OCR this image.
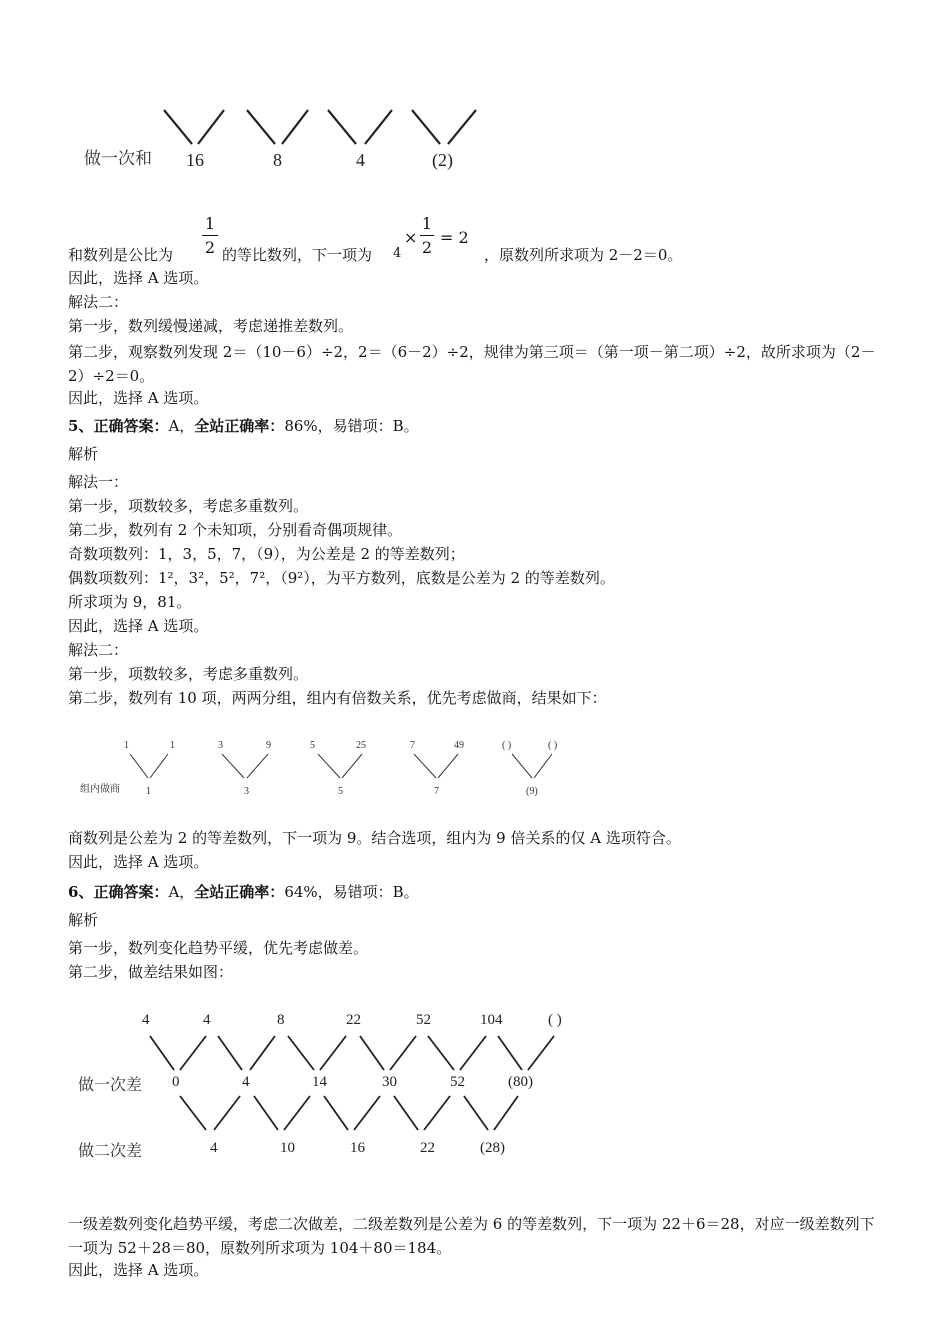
做一次和 16	8	4	(2)
和数列是公比为
1
2 的等比数列，下一项为 4
×
1
2
= 2
，原数列所求项为 2－2＝0。
因此，选择 A 选项。
解法二：
第一步，数列缓慢递减，考虑递推差数列。
第二步，观察数列发现 2＝（10－6）÷2，2＝（6－2）÷2，规律为第三项＝（第一项－第二项）÷2，故所求项为（2－2）÷2＝0。
因此，选择 A 选项。
5、正确答案：A，全站正确率：86%，易错项：B。
解析
解法一：
第一步，项数较多，考虑多重数列。
第二步，数列有 2 个未知项，分别看奇偶项规律。
奇数项数列：1，3，5，7，（9），为公差是 2 的等差数列；
偶数项数列：1²，3²，5²，7²，（9²），为平方数列，底数是公差为 2 的等差数列。
所求项为 9，81。
因此，选择 A 选项。
解法二：
第一步，项数较多，考虑多重数列。
第二步，数列有 10 项，两两分组，组内有倍数关系，优先考虑做商，结果如下：
1	1	3	9	5	25	7	49	( )	( )
组内做商	1	3	5	7	(9)
商数列是公差为 2 的等差数列，下一项为 9。结合选项，组内为 9 倍关系的仅 A 选项符合。
因此，选择 A 选项。
6、正确答案：A，全站正确率：64%，易错项：B。
解析
第一步，数列变化趋势平缓，优先考虑做差。
第二步，做差结果如图：
4	4	8	22	52	104	( )
做一次差 0	4	14	30	52	(80)
做二次差	4	10	16	22	(28)
一级差数列变化趋势平缓，考虑二次做差，二级差数列是公差为 6 的等差数列，下一项为 22＋6＝28，对应一级差数列下一项为 52＋28＝80，原数列所求项为 104＋80＝184。
因此，选择 A 选项。
